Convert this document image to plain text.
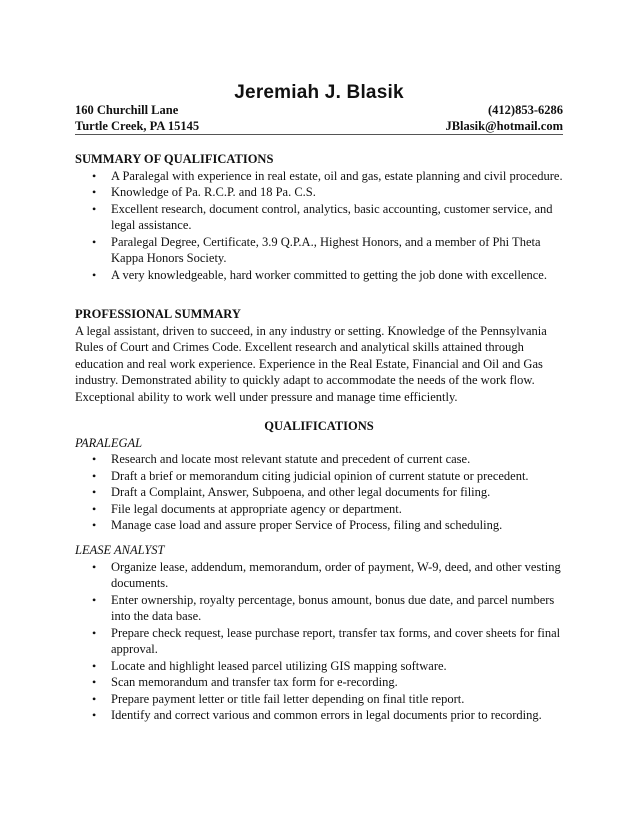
Jeremiah J. Blasik
160 Churchill Lane	(412)853-6286
Turtle Creek, PA 15145	JBlasik@hotmail.com
SUMMARY OF QUALIFICATIONS
• A Paralegal with experience in real estate, oil and gas, estate planning and civil procedure.
• Knowledge of Pa. R.C.P. and 18 Pa. C.S.
• Excellent research, document control, analytics, basic accounting, customer service, and legal assistance.
• Paralegal Degree, Certificate, 3.9 Q.P.A., Highest Honors, and a member of Phi Theta Kappa Honors Society.
• A very knowledgeable, hard worker committed to getting the job done with excellence.
PROFESSIONAL SUMMARY

A legal assistant, driven to succeed, in any industry or setting. Knowledge of the Pennsylvania Rules of Court and Crimes Code. Excellent research and analytical skills attained through education and real work experience. Experience in the Real Estate, Financial and Oil and Gas industry. Demonstrated ability to quickly adapt to accommodate the needs of the work flow. Exceptional ability to work well under pressure and manage time efficiently.

QUALIFICATIONS
PARALEGAL
• Research and locate most relevant statute and precedent of current case.
• Draft a brief or memorandum citing judicial opinion of current statute or precedent.
• Draft a Complaint, Answer, Subpoena, and other legal documents for filing.
• File legal documents at appropriate agency or department.
• Manage case load and assure proper Service of Process, filing and scheduling.
LEASE ANALYST
• Organize lease, addendum, memorandum, order of payment, W-9, deed, and other vesting documents.
• Enter ownership, royalty percentage, bonus amount, bonus due date, and parcel numbers into the data base.
• Prepare check request, lease purchase report, transfer tax forms, and cover sheets for final approval.
• Locate and highlight leased parcel utilizing GIS mapping software.
• Scan memorandum and transfer tax form for e-recording.
• Prepare payment letter or title fail letter depending on final title report.
• Identify and correct various and common errors in legal documents prior to recording.
